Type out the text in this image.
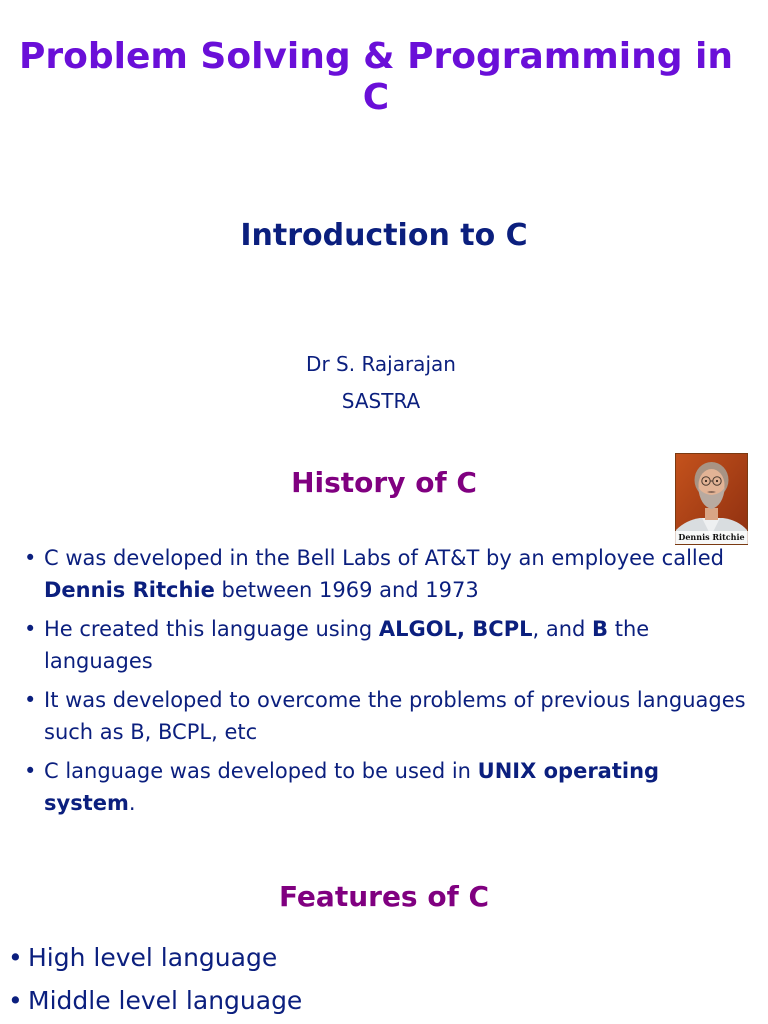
Problem Solving & Programming in C
Introduction to C
Dr S. Rajarajan
SASTRA
History of C
Dennis Ritchie
• C was developed in the Bell Labs of AT&T by an employee called Dennis Ritchie between 1969 and 1973
• He created this language using ALGOL, BCPL, and B the languages
• It was developed to overcome the problems of previous languages such as B, BCPL, etc
• C language was developed to be used in UNIX operating system.
Features of C
• High level language
• Middle level language
